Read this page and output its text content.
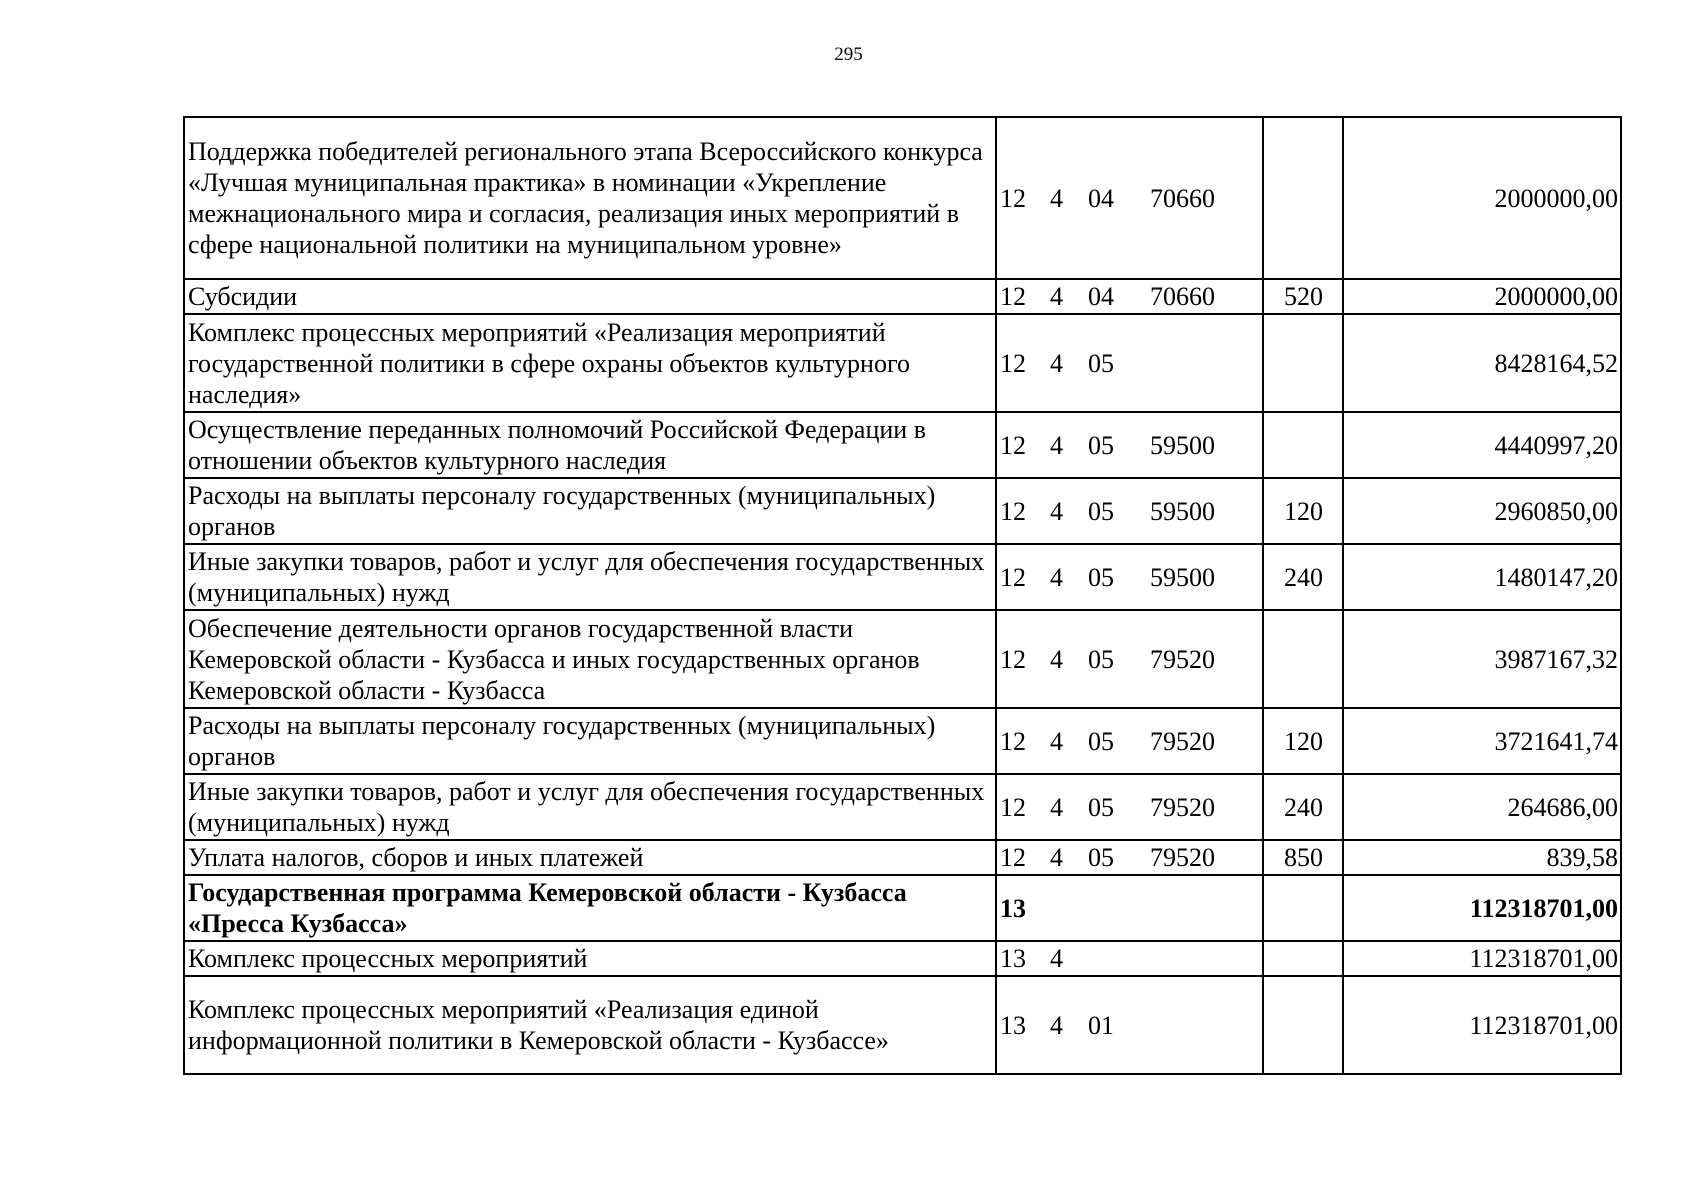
295
Поддержка победителей регионального этапа Всероссийского конкурса «Лучшая муниципальная практика» в номинации «Укрепление межнационального мира и согласия, реализация иных мероприятий в сфере национальной политики на муниципальном уровне»	12 4 04 70660		2000000,00
Субсидии	12 4 04 70660	520	2000000,00
Комплекс процессных мероприятий «Реализация мероприятий государственной политики в сфере охраны объектов культурного наследия»	12 4 05		8428164,52
Осуществление переданных полномочий Российской Федерации в отношении объектов культурного наследия	12 4 05 59500		4440997,20
Расходы на выплаты персоналу государственных (муниципальных) органов	12 4 05 59500	120	2960850,00
Иные закупки товаров, работ и услуг для обеспечения государственных (муниципальных) нужд	12 4 05 59500	240	1480147,20
Обеспечение деятельности органов государственной власти Кемеровской области - Кузбасса и иных государственных органов Кемеровской области - Кузбасса	12 4 05 79520		3987167,32
Расходы на выплаты персоналу государственных (муниципальных) органов	12 4 05 79520	120	3721641,74
Иные закупки товаров, работ и услуг для обеспечения государственных (муниципальных) нужд	12 4 05 79520	240	264686,00
Уплата налогов, сборов и иных платежей	12 4 05 79520	850	839,58
Государственная программа Кемеровской области - Кузбасса «Пресса Кузбасса»	13		112318701,00
Комплекс процессных мероприятий	13 4		112318701,00
Комплекс процессных мероприятий «Реализация единой информационной политики в Кемеровской области - Кузбассе»	13 4 01		112318701,00
